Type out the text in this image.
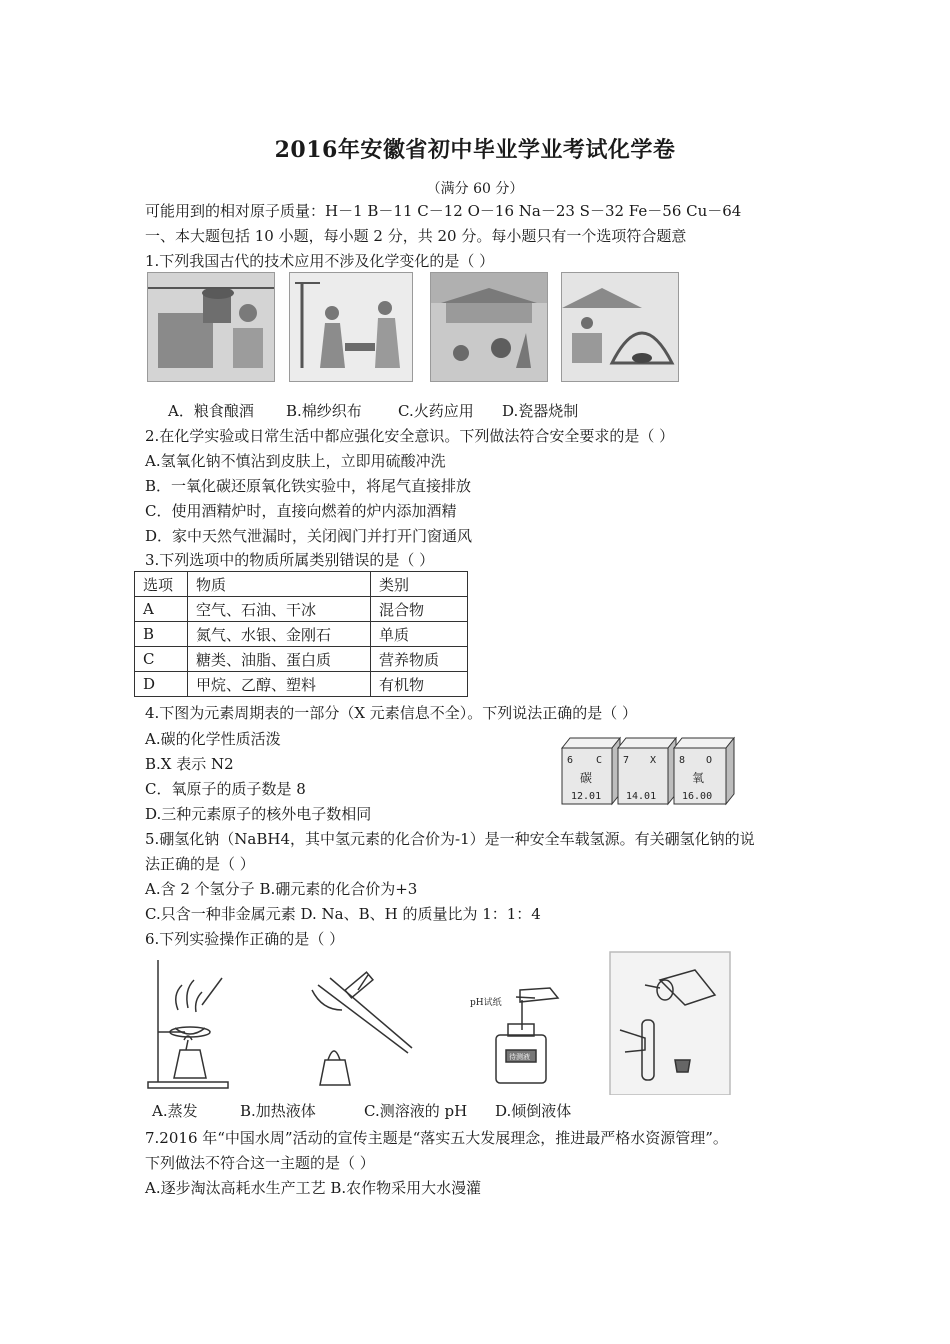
2016年安徽省初中毕业学业考试化学卷
（满分 60 分）
可能用到的相对原子质量：H－1 B－11 C－12 O－16 Na－23 S－32 Fe－56 Cu－64
一、本大题包括 10 小题，每小题 2 分，共 20 分。每小题只有一个选项符合题意
1.下列我国古代的技术应用不涉及化学变化的是（ ）
A．粮食酿酒 B.棉纱织布 C.火药应用 D.瓷器烧制
2.在化学实验或日常生活中都应强化安全意识。下列做法符合安全要求的是（ ）
A.氢氧化钠不慎沾到皮肤上，立即用硫酸冲洗
B．一氧化碳还原氧化铁实验中，将尾气直接排放
C．使用酒精炉时，直接向燃着的炉内添加酒精
D．家中天然气泄漏时，关闭阀门并打开门窗通风
3.下列选项中的物质所属类别错误的是（ ）
选项	物质	类别
A	空气、石油、干冰	混合物
B	氮气、水银、金刚石	单质
C	糖类、油脂、蛋白质	营养物质
D	甲烷、乙醇、塑料	有机物
4.下图为元素周期表的一部分（X 元素信息不全）。下列说法正确的是（ ）
A.碳的化学性质活泼
B.X 表示 N2
C．氧原子的质子数是 8
D.三种元素原子的核外电子数相同
6 C
碳
12.01
7 X
14.01
8 O
氧
16.00
5.硼氢化钠（NaBH4，其中氢元素的化合价为-1）是一种安全车载氢源。有关硼氢化钠的说
法正确的是（ ）
A.含 2 个氢分子 B.硼元素的化合价为+3
C.只含一种非金属元素 D. Na、B、H 的质量比为 1：1：4
6.下列实验操作正确的是（ ）
pH试纸
待测液
A.蒸发	B.加热液体	C.测溶液的 pH D.倾倒液体
7.2016 年“中国水周”活动的宣传主题是“落实五大发展理念，推进最严格水资源管理”。
下列做法不符合这一主题的是（ ）
A.逐步淘汰高耗水生产工艺 B.农作物采用大水漫灌
